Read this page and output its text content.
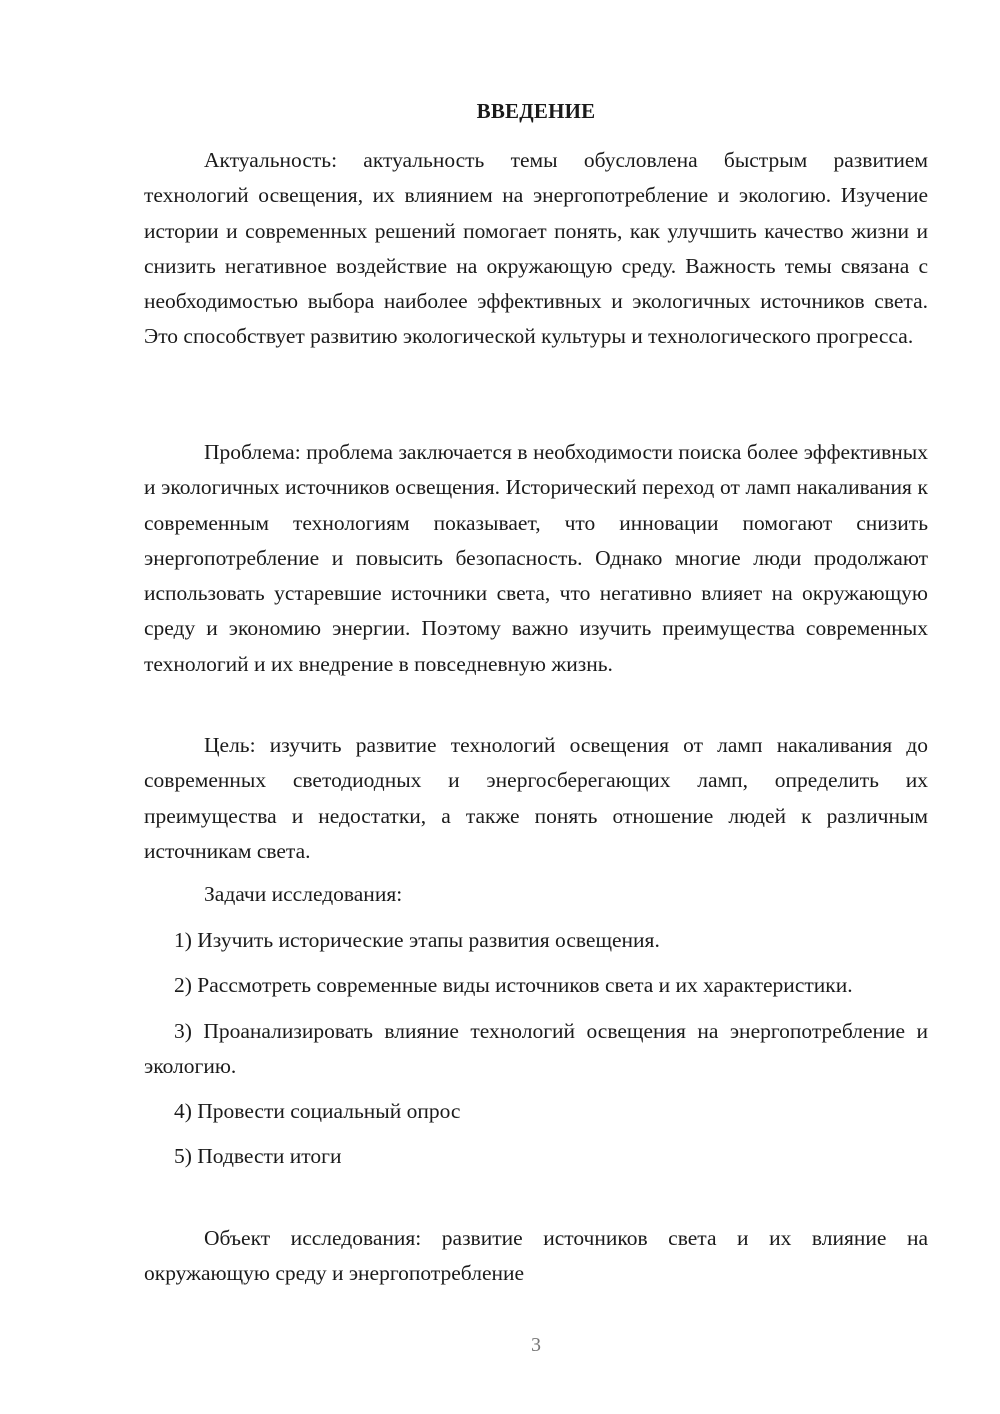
ВВЕДЕНИЕ

Актуальность: актуальность темы обусловлена быстрым развитием технологий освещения, их влиянием на энергопотребление и экологию. Изучение истории и современных решений помогает понять, как улучшить качество жизни и снизить негативное воздействие на окружающую среду. Важность темы связана с необходимостью выбора наиболее эффективных и экологичных источников света. Это способствует развитию экологической культуры и технологического прогресса.

Проблема: проблема заключается в необходимости поиска более эффективных и экологичных источников освещения. Исторический переход от ламп накаливания к современным технологиям показывает, что инновации помогают снизить энергопотребление и повысить безопасность. Однако многие люди продолжают использовать устаревшие источники света, что негативно влияет на окружающую среду и экономию энергии. Поэтому важно изучить преимущества современных технологий и их внедрение в повседневную жизнь.

Цель: изучить развитие технологий освещения от ламп накаливания до современных светодиодных и энергосберегающих ламп, определить их преимущества и недостатки, а также понять отношение людей к различным источникам света.

Задачи исследования:

1) Изучить исторические этапы развития освещения.

2) Рассмотреть современные виды источников света и их характеристики.

3) Проанализировать влияние технологий освещения на энергопотребление и экологию.

4) Провести социальный опрос

5) Подвести итоги

Объект исследования: развитие источников света и их влияние на окружающую среду и энергопотребление

3
